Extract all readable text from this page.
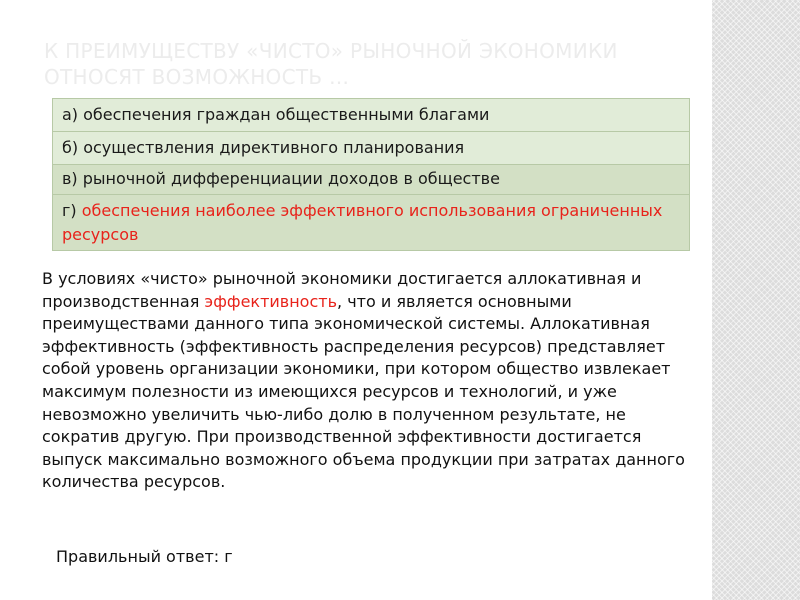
К ПРЕИМУЩЕСТВУ «ЧИСТО» РЫНОЧНОЙ ЭКОНОМИКИ
ОТНОСЯТ ВОЗМОЖНОСТЬ …
а) обеспечения граждан общественными благами
б) осуществления директивного планирования
в) рыночной дифференциации доходов в обществе
г) обеспечения наиболее эффективного использования ограниченных ресурсов
В условиях «чисто» рыночной экономики достигается аллокативная и производственная эффективность, что и является основными преимуществами данного типа экономической системы. Аллокативная эффективность (эффективность распределения ресурсов) представляет собой уровень организации экономики, при котором общество извлекает максимум полезности из имеющихся ресурсов и технологий, и уже невозможно увеличить чью-либо долю в полученном результате, не сократив другую. При производственной эффективности достигается выпуск максимально возможного объема продукции при затратах данного количества ресурсов.
Правильный ответ: г
